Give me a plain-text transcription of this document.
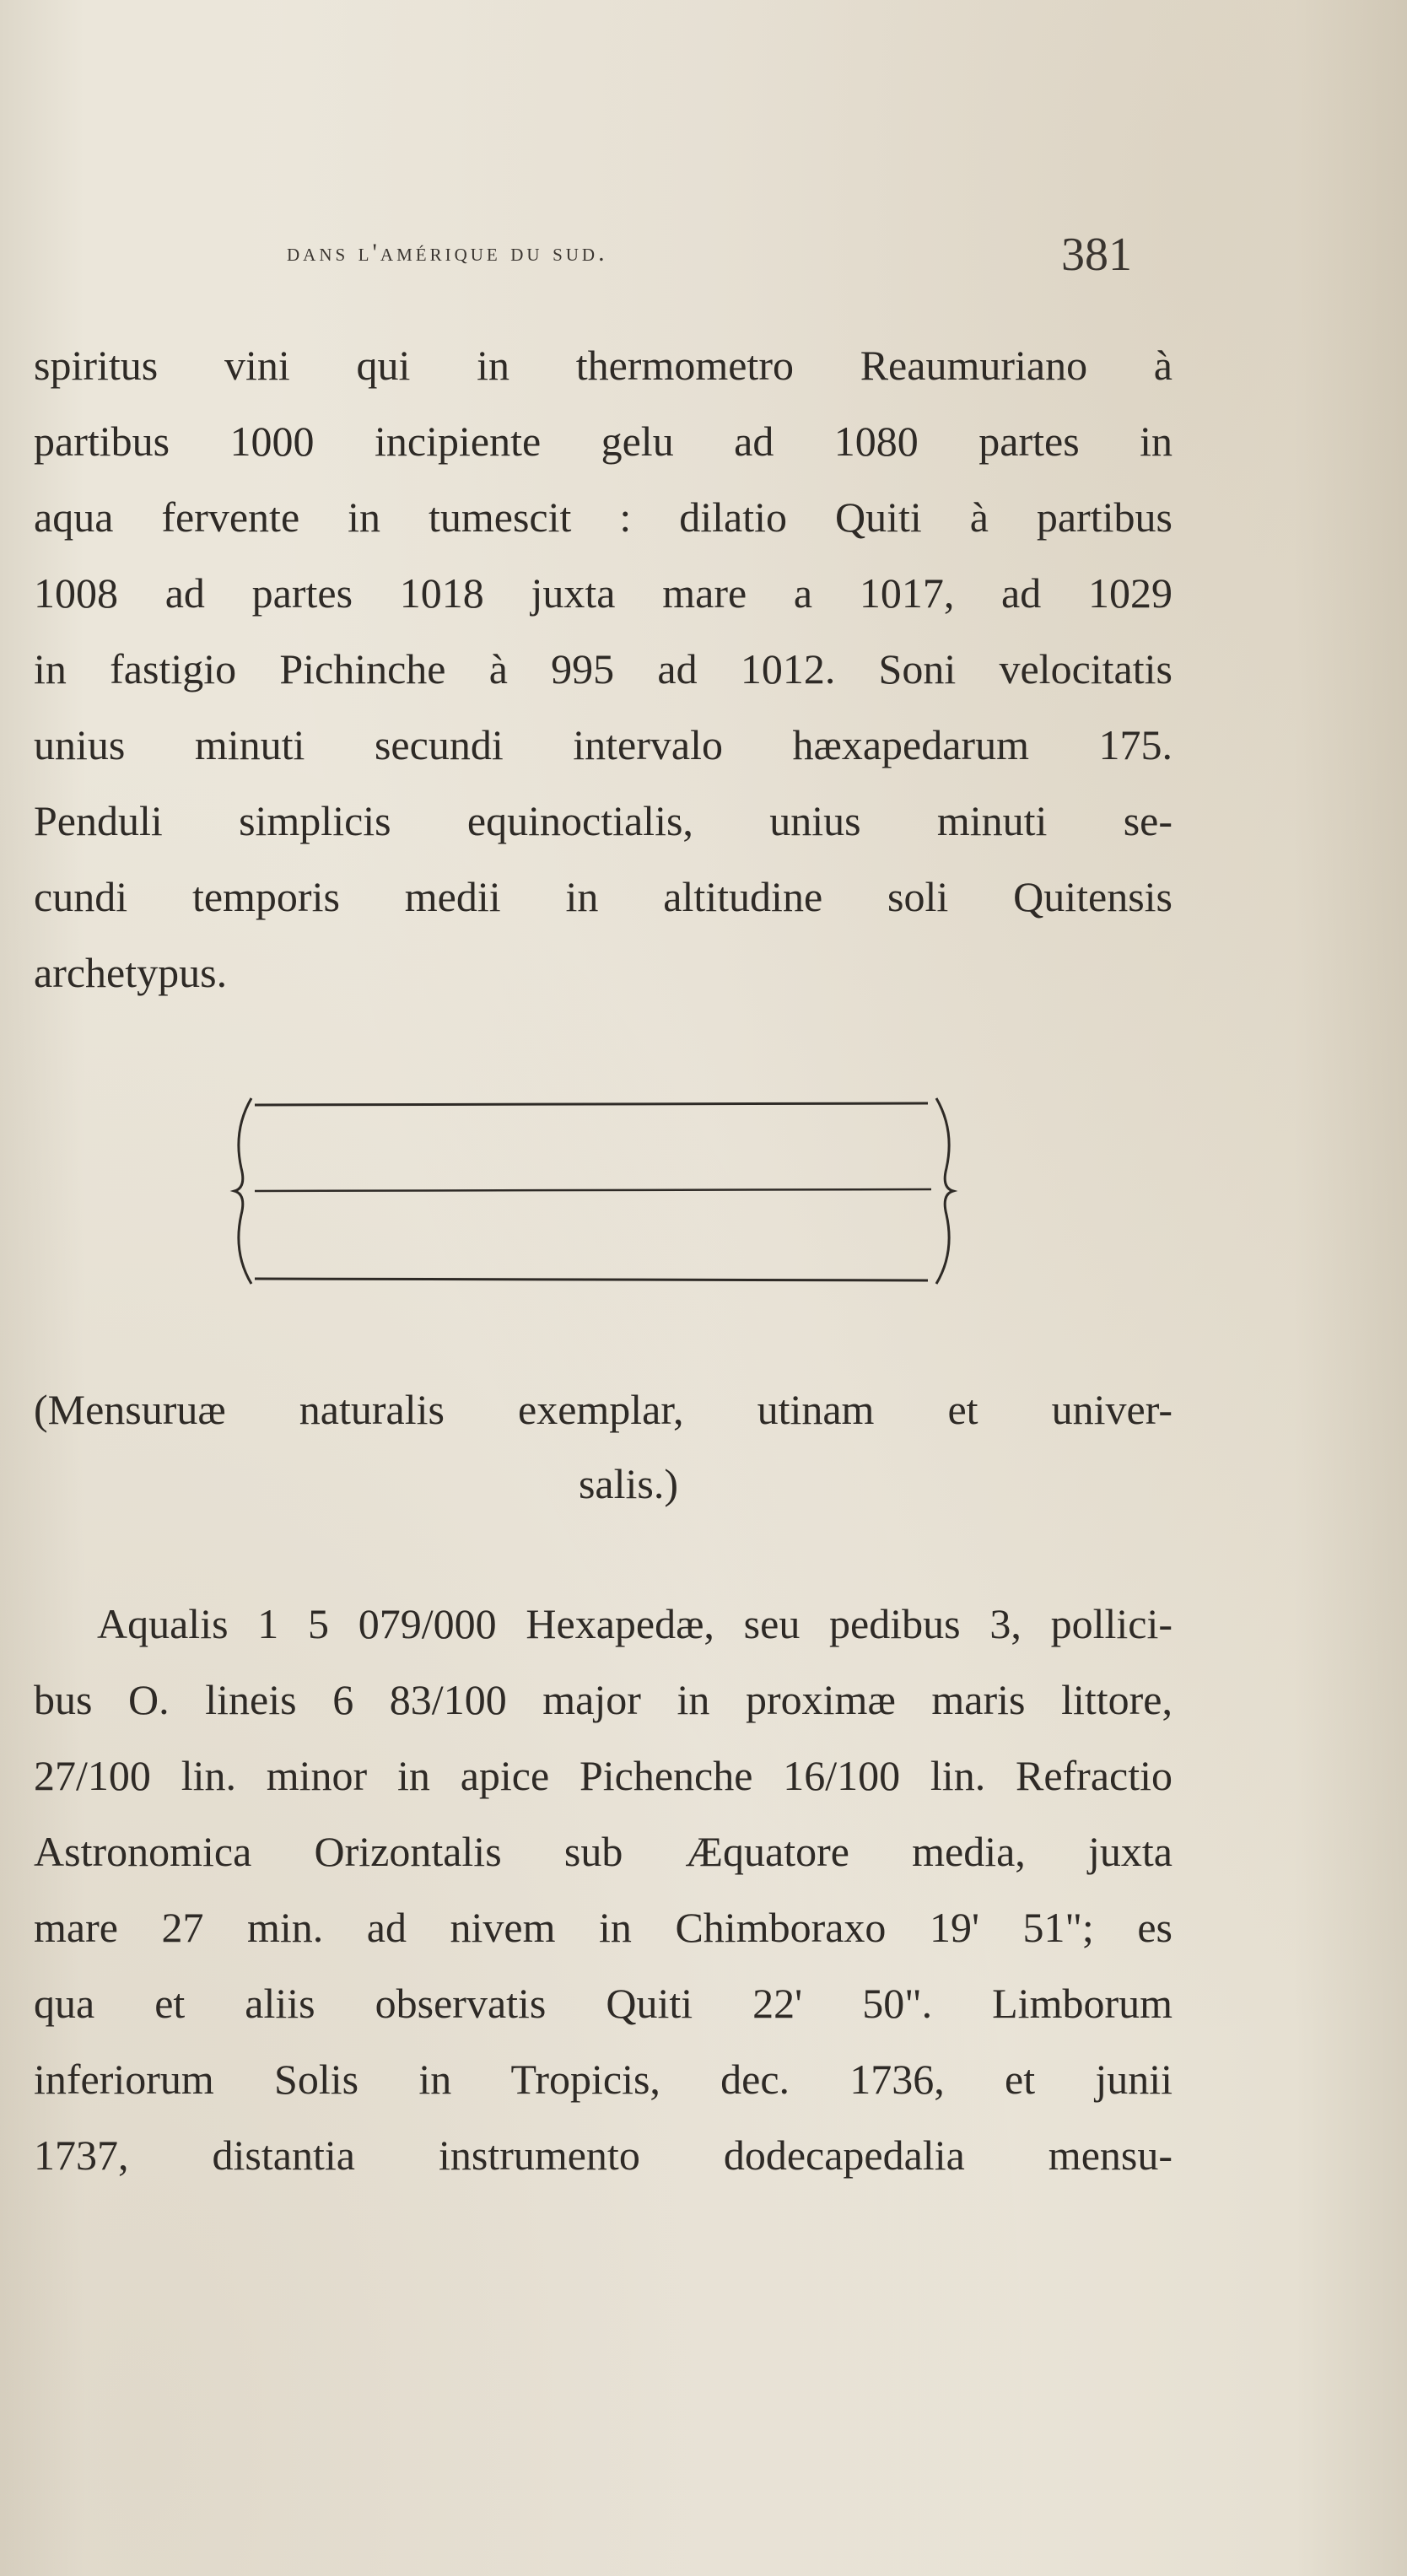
dans l'amérique du sud.	381
spiritus vini qui in thermometro Reaumuriano à
partibus 1000 incipiente gelu ad 1080 partes in
aqua fervente in tumescit : dilatio Quiti à partibus
1008 ad partes 1018 juxta mare a 1017, ad 1029
in fastigio Pichinche à 995 ad 1012. Soni velocitatis
unius minuti secundi intervalo hæxapedarum 175.
Penduli simplicis equinoctialis, unius minuti se-
cundi temporis medii in altitudine soli Quitensis
archetypus.
(Mensuruæ naturalis exemplar, utinam et univer-
salis.)
Aqualis 1 5 079/000 Hexapedæ, seu pedibus 3, pollici-
bus O. lineis 6 83/100 major in proximæ maris littore,
27/100 lin. minor in apice Pichenche 16/100 lin. Refractio
Astronomica Orizontalis sub Æquatore media, juxta
mare 27 min. ad nivem in Chimboraxo 19' 51"; es
qua et aliis observatis Quiti 22' 50". Limborum
inferiorum Solis in Tropicis, dec. 1736, et junii
1737, distantia instrumento dodecapedalia mensu-
